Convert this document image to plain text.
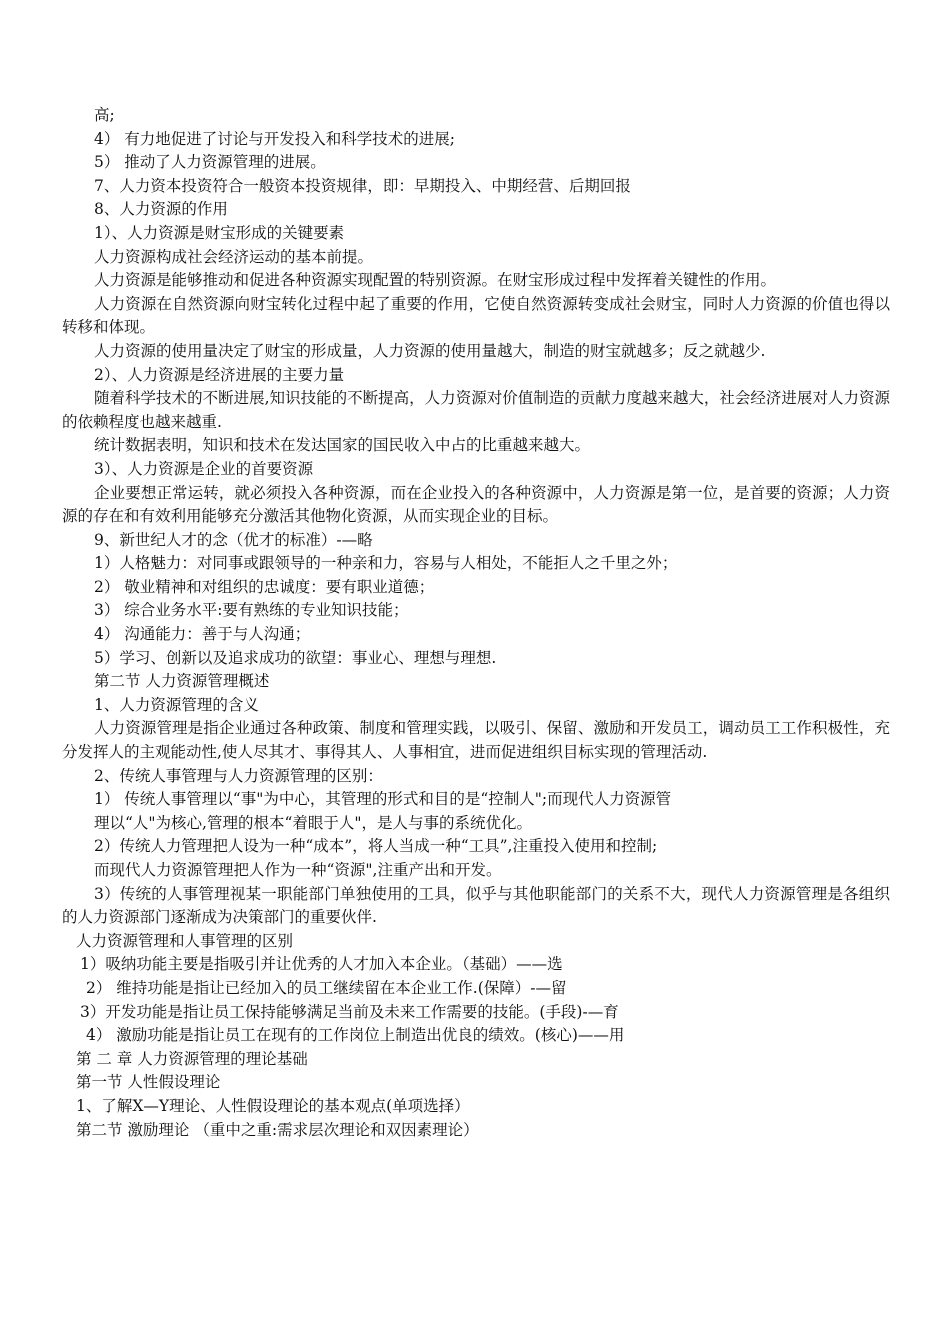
高;
4） 有力地促进了讨论与开发投入和科学技术的进展;
5） 推动了人力资源管理的进展。
7、人力资本投资符合一般资本投资规律，即：早期投入、中期经营、后期回报
8、人力资源的作用
1）、人力资源是财宝形成的关键要素
人力资源构成社会经济运动的基本前提。
人力资源是能够推动和促进各种资源实现配置的特别资源。在财宝形成过程中发挥着关键性的作用。
人力资源在自然资源向财宝转化过程中起了重要的作用，它使自然资源转变成社会财宝，同时人力资源的价值也得以转移和体现。
人力资源的使用量决定了财宝的形成量，人力资源的使用量越大，制造的财宝就越多；反之就越少.
2）、人力资源是经济进展的主要力量
随着科学技术的不断进展,知识技能的不断提高，人力资源对价值制造的贡献力度越来越大，社会经济进展对人力资源的依赖程度也越来越重.
统计数据表明，知识和技术在发达国家的国民收入中占的比重越来越大。
3）、人力资源是企业的首要资源
企业要想正常运转，就必须投入各种资源，而在企业投入的各种资源中，人力资源是第一位，是首要的资源；人力资源的存在和有效利用能够充分激活其他物化资源，从而实现企业的目标。
9、新世纪人才的念（优才的标准）-—略
1）人格魅力：对同事或跟领导的一种亲和力，容易与人相处，不能拒人之千里之外；
2） 敬业精神和对组织的忠诚度：要有职业道德；
3） 综合业务水平:要有熟练的专业知识技能；
4） 沟通能力：善于与人沟通；
5）学习、创新以及追求成功的欲望：事业心、理想与理想.
第二节 人力资源管理概述
1、人力资源管理的含义
人力资源管理是指企业通过各种政策、制度和管理实践，以吸引、保留、激励和开发员工，调动员工工作积极性，充分发挥人的主观能动性,使人尽其才、事得其人、人事相宜，进而促进组织目标实现的管理活动.
2、传统人事管理与人力资源管理的区别：
1） 传统人事管理以“事"为中心，其管理的形式和目的是“控制人";而现代人力资源管
理以“人"为核心,管理的根本“着眼于人"，是人与事的系统优化。
2）传统人力管理把人设为一种“成本”，将人当成一种“工具”,注重投入使用和控制;
而现代人力资源管理把人作为一种“资源",注重产出和开发。
3）传统的人事管理视某一职能部门单独使用的工具，似乎与其他职能部门的关系不大，现代人力资源管理是各组织的人力资源部门逐渐成为决策部门的重要伙伴.
人力资源管理和人事管理的区别
1）吸纳功能主要是指吸引并让优秀的人才加入本企业。（基础）——选
2） 维持功能是指让已经加入的员工继续留在本企业工作.(保障）-—留
3）开发功能是指让员工保持能够满足当前及未来工作需要的技能。(手段)-—育
4） 激励功能是指让员工在现有的工作岗位上制造出优良的绩效。(核心)——用
第 二 章 人力资源管理的理论基础
第一节 人性假设理论
1、了解X—Y理论、人性假设理论的基本观点(单项选择）
第二节 激励理论 （重中之重:需求层次理论和双因素理论）
